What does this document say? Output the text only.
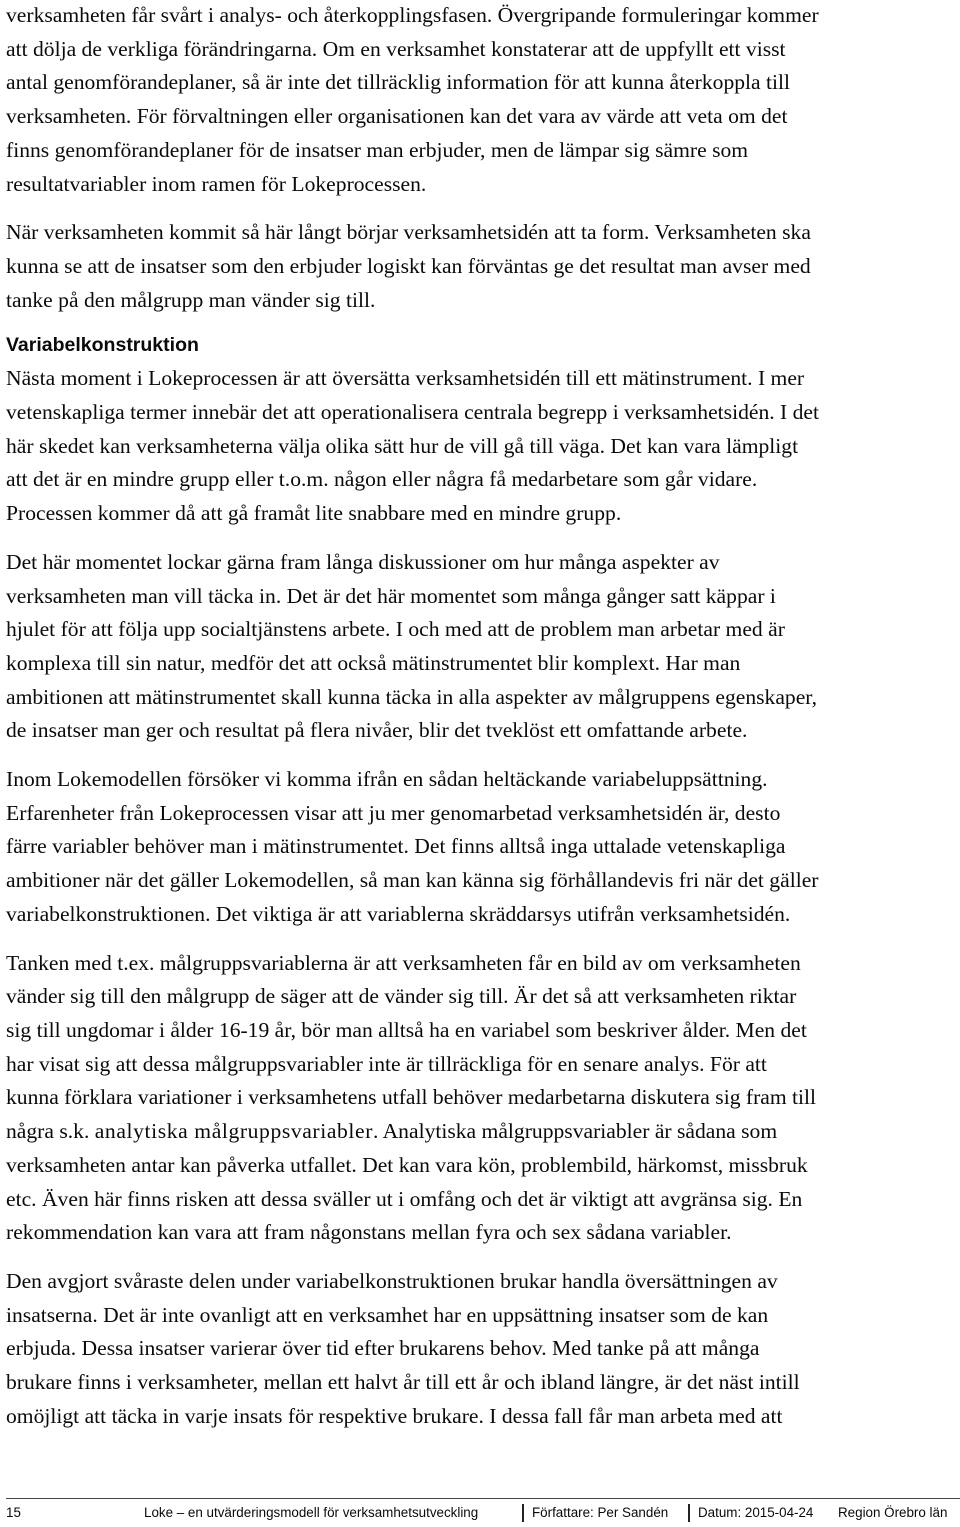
verksamheten får svårt i analys- och återkopplingsfasen. Övergripande formuleringar kommer
att dölja de verkliga förändringarna. Om en verksamhet konstaterar att de uppfyllt ett visst
antal genomförandeplaner, så är inte det tillräcklig information för att kunna återkoppla till
verksamheten. För förvaltningen eller organisationen kan det vara av värde att veta om det
finns genomförandeplaner för de insatser man erbjuder, men de lämpar sig sämre som
resultatvariabler inom ramen för Lokeprocessen.
När verksamheten kommit så här långt börjar verksamhetsidén att ta form. Verksamheten ska
kunna se att de insatser som den erbjuder logiskt kan förväntas ge det resultat man avser med
tanke på den målgrupp man vänder sig till.
Variabelkonstruktion
Nästa moment i Lokeprocessen är att översätta verksamhetsidén till ett mätinstrument. I mer
vetenskapliga termer innebär det att operationalisera centrala begrepp i verksamhetsidén. I det
här skedet kan verksamheterna välja olika sätt hur de vill gå till väga. Det kan vara lämpligt
att det är en mindre grupp eller t.o.m. någon eller några få medarbetare som går vidare.
Processen kommer då att gå framåt lite snabbare med en mindre grupp.
Det här momentet lockar gärna fram långa diskussioner om hur många aspekter av
verksamheten man vill täcka in. Det är det här momentet som många gånger satt käppar i
hjulet för att följa upp socialtjänstens arbete. I och med att de problem man arbetar med är
komplexa till sin natur, medför det att också mätinstrumentet blir komplext. Har man
ambitionen att mätinstrumentet skall kunna täcka in alla aspekter av målgruppens egenskaper,
de insatser man ger och resultat på flera nivåer, blir det tveklöst ett omfattande arbete.
Inom Lokemodellen försöker vi komma ifrån en sådan heltäckande variabeluppsättning.
Erfarenheter från Lokeprocessen visar att ju mer genomarbetad verksamhetsidén är, desto
färre variabler behöver man i mätinstrumentet. Det finns alltså inga uttalade vetenskapliga
ambitioner när det gäller Lokemodellen, så man kan känna sig förhållandevis fri när det gäller
variabelkonstruktionen. Det viktiga är att variablerna skräddarsys utifrån verksamhetsidén.
Tanken med t.ex. målgruppsvariablerna är att verksamheten får en bild av om verksamheten
vänder sig till den målgrupp de säger att de vänder sig till. Är det så att verksamheten riktar
sig till ungdomar i ålder 16-19 år, bör man alltså ha en variabel som beskriver ålder. Men det
har visat sig att dessa målgruppsvariabler inte är tillräckliga för en senare analys. För att
kunna förklara variationer i verksamhetens utfall behöver medarbetarna diskutera sig fram till
några s.k. analytiska målgruppsvariabler. Analytiska målgruppsvariabler är sådana som
verksamheten antar kan påverka utfallet. Det kan vara kön, problembild, härkomst, missbruk
etc. Även här finns risken att dessa sväller ut i omfång och det är viktigt att avgränsa sig. En
rekommendation kan vara att fram någonstans mellan fyra och sex sådana variabler.
Den avgjort svåraste delen under variabelkonstruktionen brukar handla översättningen av
insatserna. Det är inte ovanligt att en verksamhet har en uppsättning insatser som de kan
erbjuda. Dessa insatser varierar över tid efter brukarens behov. Med tanke på att många
brukare finns i verksamheter, mellan ett halvt år till ett år och ibland längre, är det näst intill
omöjligt att täcka in varje insats för respektive brukare. I dessa fall får man arbeta med att
15	Loke – en utvärderingsmodell för verksamhetsutveckling	Författare: Per Sandén Datum: 2015-04-24 Region Örebro län
